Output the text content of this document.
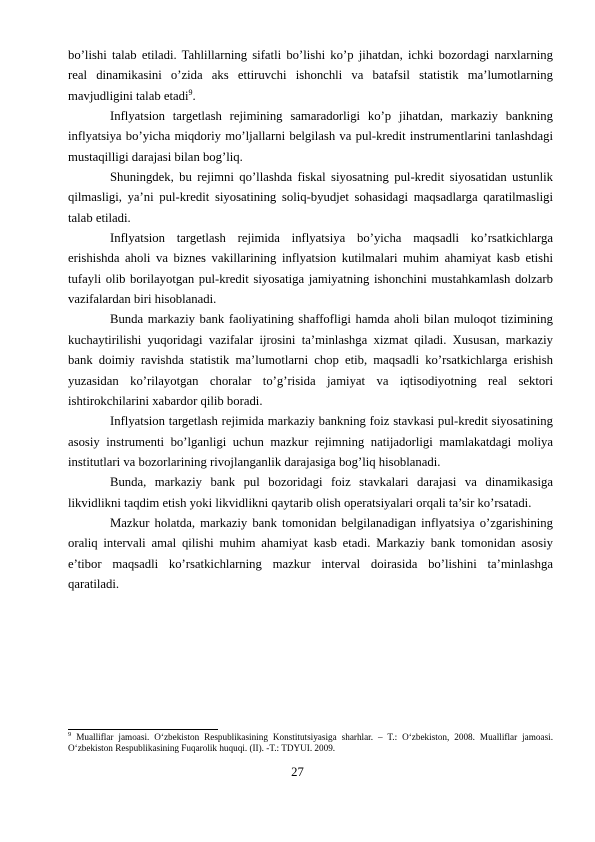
bo’lishi talab etiladi. Tahlillarning sifatli bo’lishi ko’p jihatdan, ichki bozordagi narxlarning real dinamikasini o’zida aks ettiruvchi ishonchli va batafsil statistik ma’lumotlarning mavjudligini talab etadi$^9$.

Inflyatsion targetlash rejimining samaradorligi ko’p jihatdan, markaziy bankning inflyatsiya bo’yicha miqdoriy mo’ljallarni belgilash va pul-kredit instrumentlarini tanlashdagi mustaqilligi darajasi bilan bog’liq.

Shuningdek, bu rejimni qo’llashda fiskal siyosatning pul-kredit siyosatidan ustunlik qilmasligi, ya’ni pul-kredit siyosatining soliq-byudjet sohasidagi maqsadlarga qaratilmasligi talab etiladi.

Inflyatsion targetlash rejimida inflyatsiya bo’yicha maqsadli ko’rsatkichlarga erishishda aholi va biznes vakillarining inflyatsion kutilmalari muhim ahamiyat kasb etishi tufayli olib borilayotgan pul-kredit siyosatiga jamiyatning ishonchini mustahkamlash dolzarb vazifalardan biri hisoblanadi.

Bunda markaziy bank faoliyatining shaffofligi hamda aholi bilan muloqot tizimining kuchaytirilishi yuqoridagi vazifalar ijrosini ta’minlashga xizmat qiladi. Xususan, markaziy bank doimiy ravishda statistik ma’lumotlarni chop etib, maqsadli ko’rsatkichlarga erishish yuzasidan ko’rilayotgan choralar to’g’risida jamiyat va iqtisodiyotning real sektori ishtirokchilarini xabardor qilib boradi.

Inflyatsion targetlash rejimida markaziy bankning foiz stavkasi pul-kredit siyosatining asosiy instrumenti bo’lganligi uchun mazkur rejimning natijadorligi mamlakatdagi moliya institutlari va bozorlarining rivojlanganlik darajasiga bog’liq hisoblanadi.

Bunda, markaziy bank pul bozoridagi foiz stavkalari darajasi va dinamikasiga likvidlikni taqdim etish yoki likvidlikni qaytarib olish operatsiyalari orqali ta’sir ko’rsatadi.

Mazkur holatda, markaziy bank tomonidan belgilanadigan inflyatsiya o’zgarishining oraliq intervali amal qilishi muhim ahamiyat kasb etadi. Markaziy bank tomonidan asosiy e’tibor maqsadli ko’rsatkichlarning mazkur interval doirasida bo’lishini ta’minlashga qaratiladi.

$^9$ Mualliflar jamoasi. O‘zbekiston Respublikasining Konstitutsiyasiga sharhlar. – T.: O‘zbekiston, 2008. Mualliflar jamoasi. O‘zbekiston Respublikasining Fuqarolik huquqi. (II). -T.: TDYUI. 2009.

27
